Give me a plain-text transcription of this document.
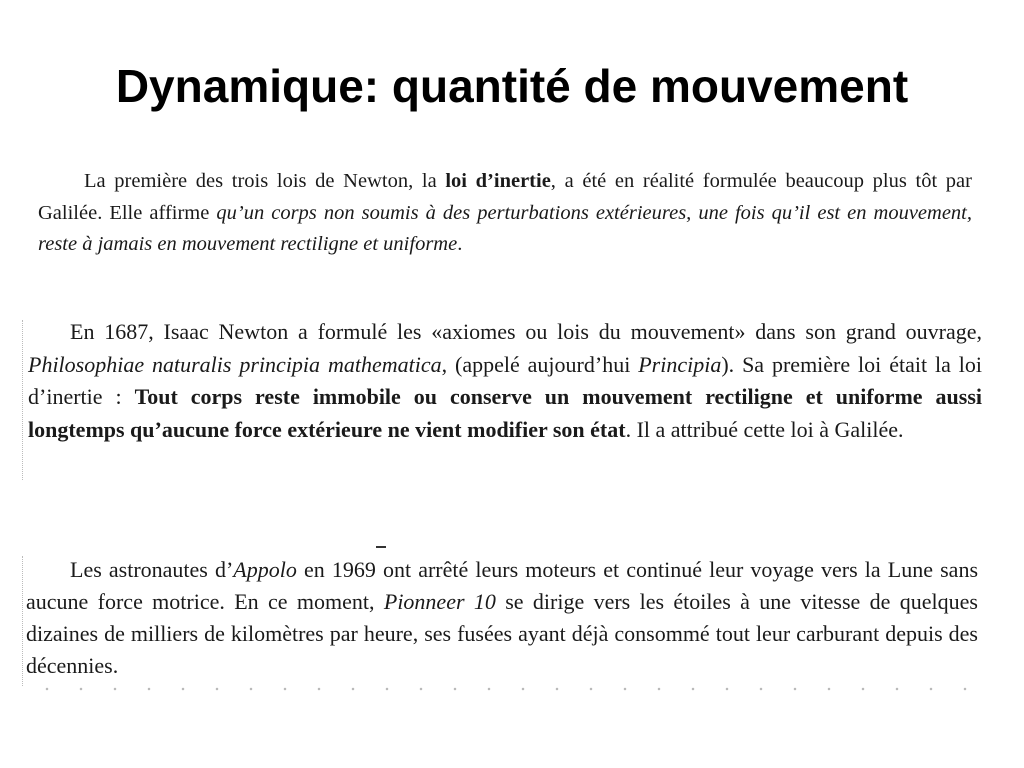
Dynamique: quantité de mouvement

La première des trois lois de Newton, la loi d’inertie, a été en réalité formulée beaucoup plus tôt par Galilée. Elle affirme qu’un corps non soumis à des perturbations extérieures, une fois qu’il est en mouvement, reste à jamais en mouvement rectiligne et uniforme.

En 1687, Isaac Newton a formulé les «axiomes ou lois du mouvement» dans son grand ouvrage, Philosophiae naturalis principia mathematica, (appelé aujourd’hui Principia). Sa première loi était la loi d’inertie : Tout corps reste immobile ou conserve un mouvement rectiligne et uniforme aussi longtemps qu’aucune force extérieure ne vient modifier son état. Il a attribué cette loi à Galilée.

Les astronautes d’Appolo en 1969 ont arrêté leurs moteurs et continué leur voyage vers la Lune sans aucune force motrice. En ce moment, Pionneer 10 se dirige vers les étoiles à une vitesse de quelques dizaines de milliers de kilomètres par heure, ses fusées ayant déjà consommé tout leur carburant depuis des décennies.
